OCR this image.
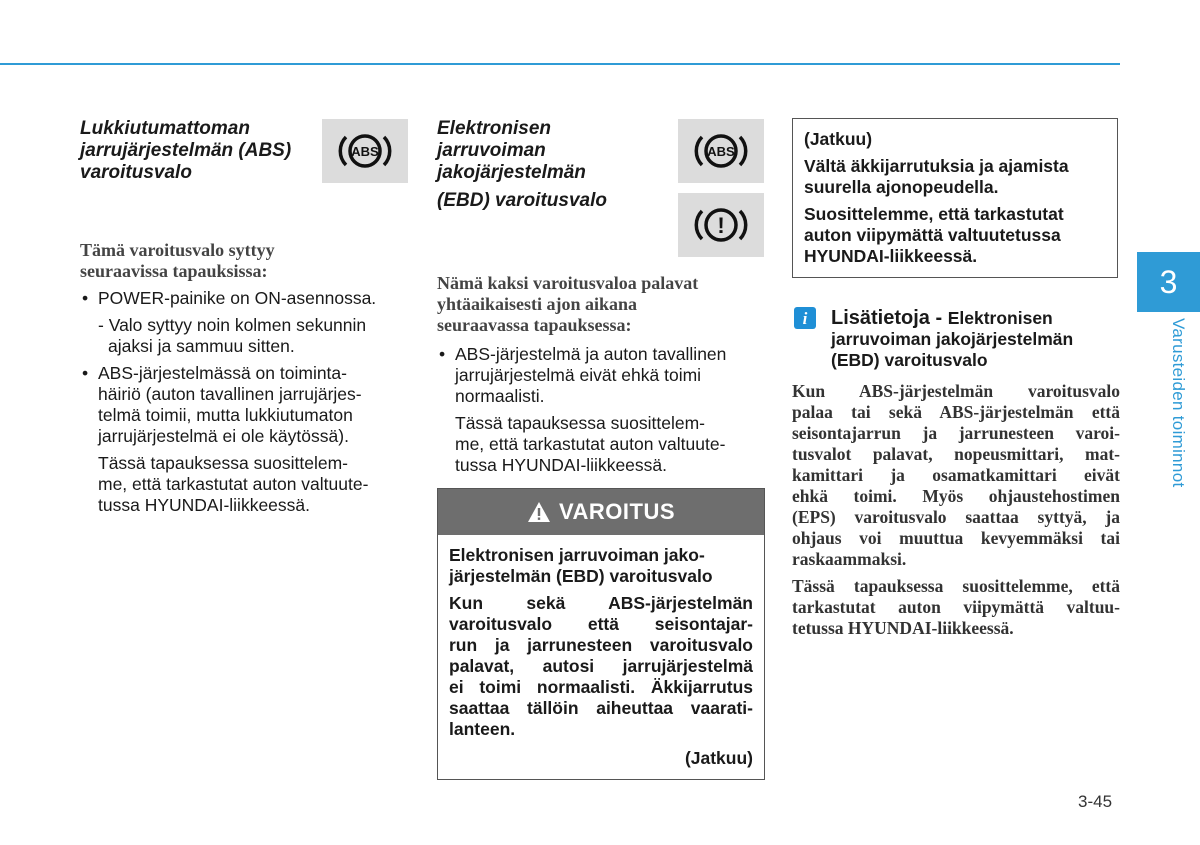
Lukkiutumattoman
jarrujärjestelmän (ABS)
varoitusvalo
ABS
Tämä varoitusvalo syttyy
seuraavissa tapauksissa:
• POWER-painike on ON-asennossa.
- Valo syttyy noin kolmen sekunnin
ajaksi ja sammuu sitten.
• ABS-järjestelmässä on toiminta-
häiriö (auton tavallinen jarrujärjes-
telmä toimii, mutta lukkiutumaton
jarrujärjestelmä ei ole käytössä).
Tässä tapauksessa suosittelem-
me, että tarkastutat auton valtuute-
tussa HYUNDAI-liikkeessä.
Elektronisen
jarruvoiman
jakojärjestelmän
(EBD) varoitusvalo
ABS
!
Nämä kaksi varoitusvaloa palavat
yhtäaikaisesti ajon aikana
seuraavassa tapauksessa:
• ABS-järjestelmä ja auton tavallinen
jarrujärjestelmä eivät ehkä toimi
normaalisti.
Tässä tapauksessa suosittelem-
me, että tarkastutat auton valtuute-
tussa HYUNDAI-liikkeessä.
VAROITUS
Elektronisen jarruvoiman jako-
järjestelmän (EBD) varoitusvalo
Kun sekä ABS-järjestelmän
varoitusvalo että seisontajar-
run ja jarrunesteen varoitusvalo
palavat, autosi jarrujärjestelmä
ei toimi normaalisti. Äkkijarrutus
saattaa tällöin aiheuttaa vaarati-
lanteen.
(Jatkuu)
(Jatkuu)
Vältä äkkijarrutuksia ja ajamista
suurella ajonopeudella.
Suosittelemme, että tarkastutat
auton viipymättä valtuutetussa
HYUNDAI-liikkeessä.
i	Lisätietoja - Elektronisen
jarruvoiman jakojärjestelmän
(EBD) varoitusvalo
Kun ABS-järjestelmän varoitusvalo
palaa tai sekä ABS-järjestelmän että
seisontajarrun ja jarrunesteen varoi-
tusvalot palavat, nopeusmittari, mat-
kamittari ja osamatkamittari eivät
ehkä toimi. Myös ohjaustehostimen
(EPS) varoitusvalo saattaa syttyä, ja
ohjaus voi muuttua kevyemmäksi tai
raskaammaksi.
Tässä tapauksessa suosittelemme, että
tarkastutat auton viipymättä valtuu-
tetussa HYUNDAI-liikkeessä.
3
Varusteiden toiminnot
3-45
